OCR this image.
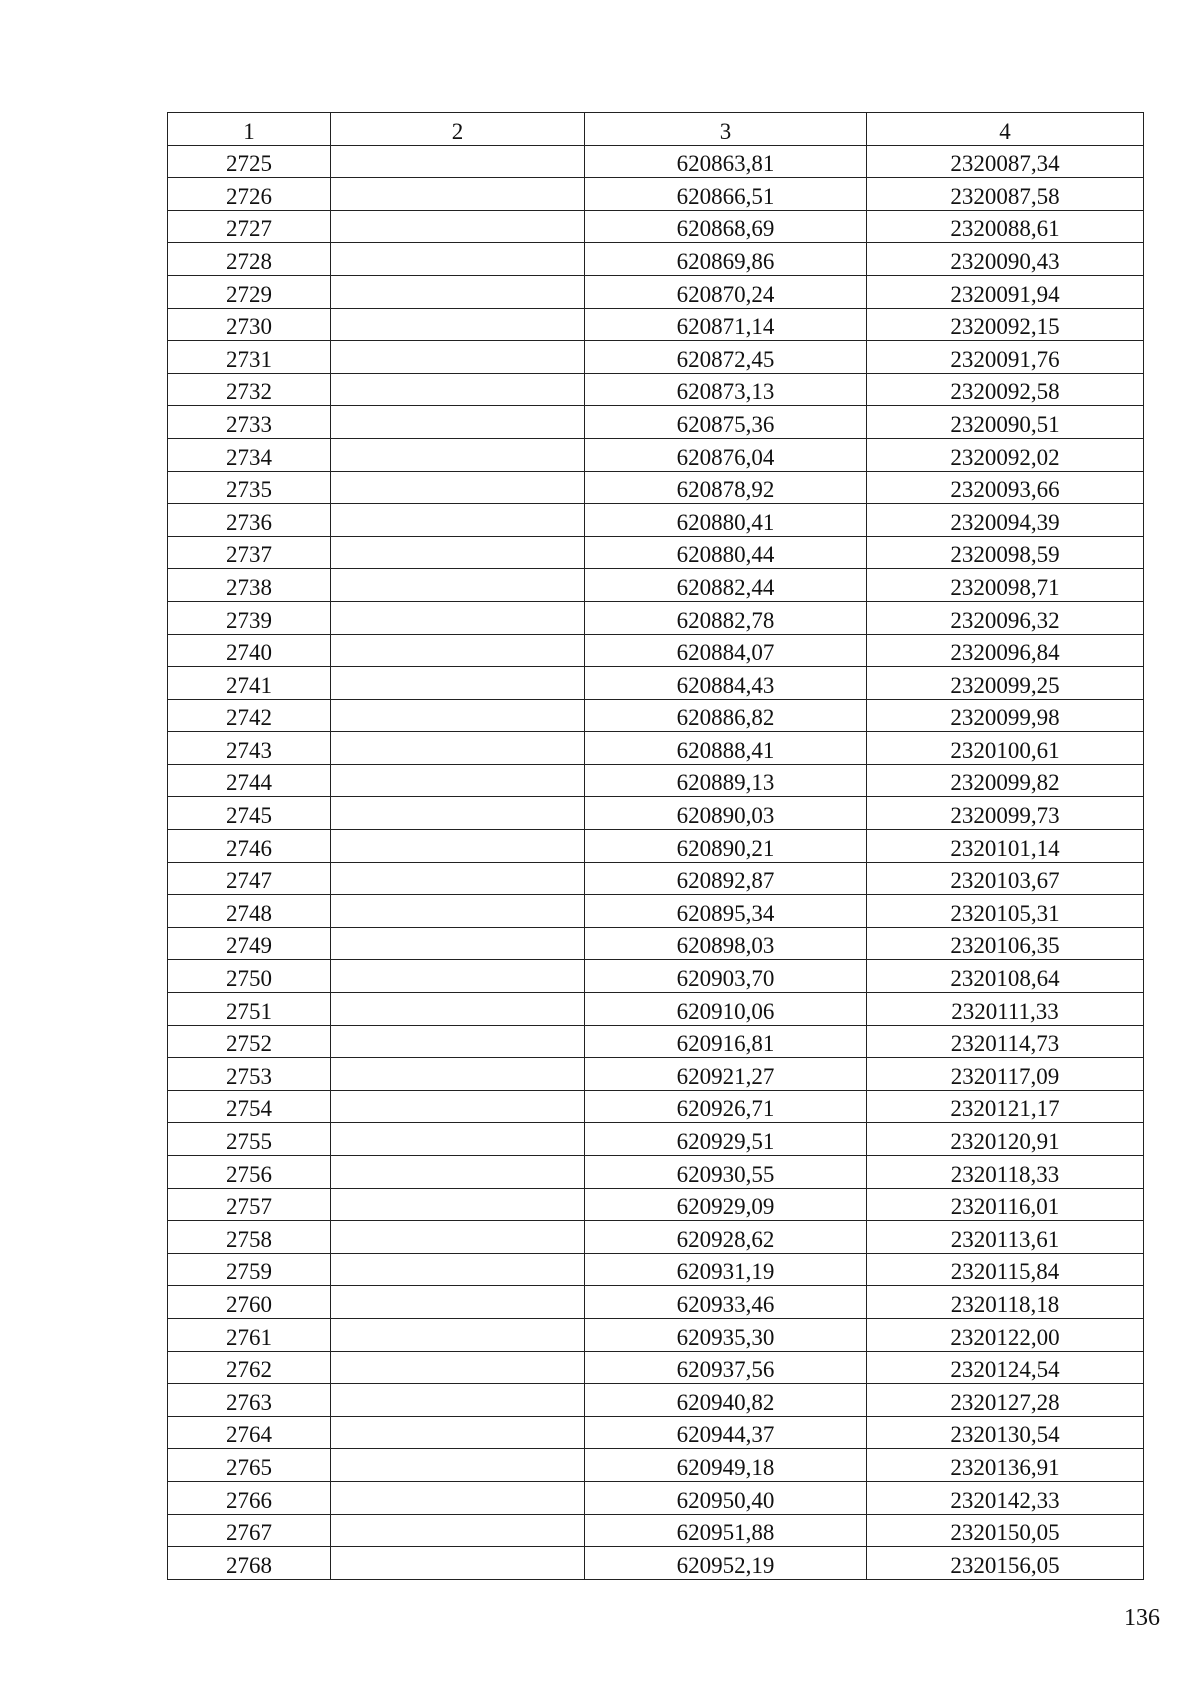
1	2	3	4
2725		620863,81	2320087,34
2726		620866,51	2320087,58
2727		620868,69	2320088,61
2728		620869,86	2320090,43
2729		620870,24	2320091,94
2730		620871,14	2320092,15
2731		620872,45	2320091,76
2732		620873,13	2320092,58
2733		620875,36	2320090,51
2734		620876,04	2320092,02
2735		620878,92	2320093,66
2736		620880,41	2320094,39
2737		620880,44	2320098,59
2738		620882,44	2320098,71
2739		620882,78	2320096,32
2740		620884,07	2320096,84
2741		620884,43	2320099,25
2742		620886,82	2320099,98
2743		620888,41	2320100,61
2744		620889,13	2320099,82
2745		620890,03	2320099,73
2746		620890,21	2320101,14
2747		620892,87	2320103,67
2748		620895,34	2320105,31
2749		620898,03	2320106,35
2750		620903,70	2320108,64
2751		620910,06	2320111,33
2752		620916,81	2320114,73
2753		620921,27	2320117,09
2754		620926,71	2320121,17
2755		620929,51	2320120,91
2756		620930,55	2320118,33
2757		620929,09	2320116,01
2758		620928,62	2320113,61
2759		620931,19	2320115,84
2760		620933,46	2320118,18
2761		620935,30	2320122,00
2762		620937,56	2320124,54
2763		620940,82	2320127,28
2764		620944,37	2320130,54
2765		620949,18	2320136,91
2766		620950,40	2320142,33
2767		620951,88	2320150,05
2768		620952,19	2320156,05
136
